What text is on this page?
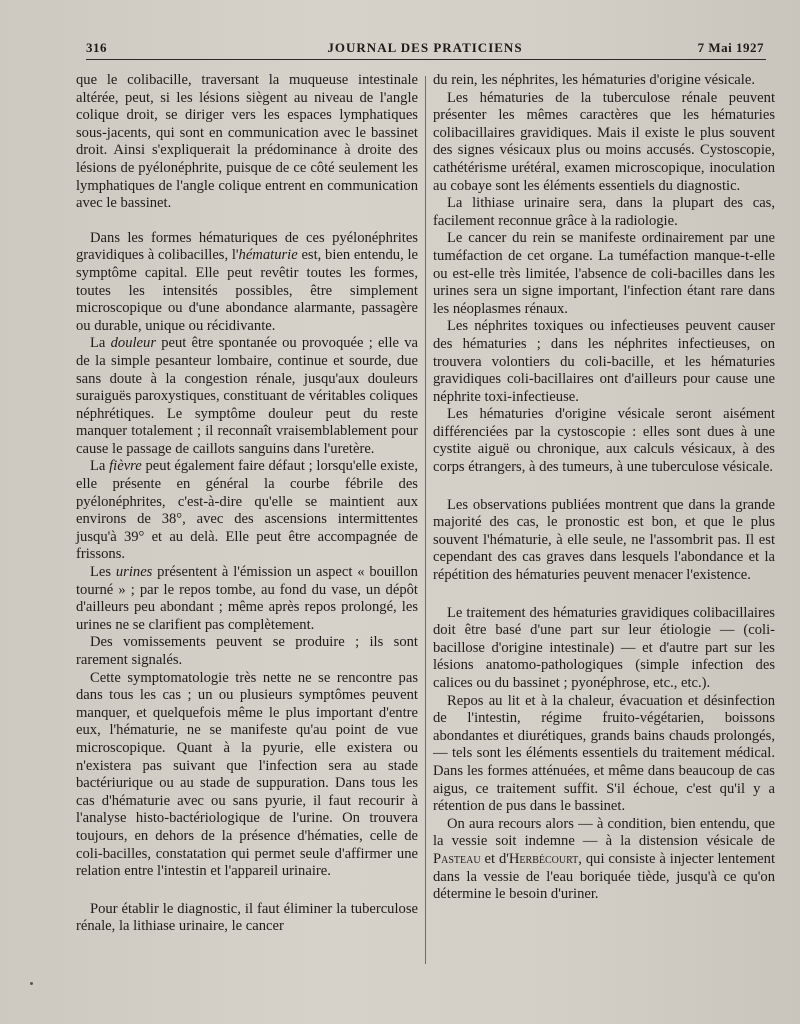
316	JOURNAL DES PRATICIENS	7 Mai 1927

que le colibacille, traversant la muqueuse intestinale altérée, peut, si les lésions siègent au niveau de l'angle colique droit, se diriger vers les espaces lymphatiques sous-jacents, qui sont en communication avec le bassinet droit. Ainsi s'expliquerait la prédominance à droite des lésions de pyélonéphrite, puisque de ce côté seulement les lymphatiques de l'angle colique entrent en communication avec le bassinet.

Dans les formes hématuriques de ces pyélonéphrites gravidiques à colibacilles, l'hématurie est, bien entendu, le symptôme capital. Elle peut revêtir toutes les formes, toutes les intensités possibles, être simplement microscopique ou d'une abondance alarmante, passagère ou durable, unique ou récidivante.

La douleur peut être spontanée ou provoquée ; elle va de la simple pesanteur lombaire, continue et sourde, due sans doute à la congestion rénale, jusqu'aux douleurs suraiguës paroxystiques, constituant de véritables coliques néphrétiques. Le symptôme douleur peut du reste manquer totalement ; il reconnaît vraisemblablement pour cause le passage de caillots sanguins dans l'uretère.

La fièvre peut également faire défaut ; lorsqu'elle existe, elle présente en général la courbe fébrile des pyélonéphrites, c'est-à-dire qu'elle se maintient aux environs de 38°, avec des ascensions intermittentes jusqu'à 39° et au delà. Elle peut être accompagnée de frissons.

Les urines présentent à l'émission un aspect « bouillon tourné » ; par le repos tombe, au fond du vase, un dépôt d'ailleurs peu abondant ; même après repos prolongé, les urines ne se clarifient pas complètement.

Des vomissements peuvent se produire ; ils sont rarement signalés.

Cette symptomatologie très nette ne se rencontre pas dans tous les cas ; un ou plusieurs symptômes peuvent manquer, et quelquefois même le plus important d'entre eux, l'hématurie, ne se manifeste qu'au point de vue microscopique. Quant à la pyurie, elle existera ou n'existera pas suivant que l'infection sera au stade bactériurique ou au stade de suppuration. Dans tous les cas d'hématurie avec ou sans pyurie, il faut recourir à l'analyse histo-bactériologique de l'urine. On trouvera toujours, en dehors de la présence d'hématies, celle de coli-bacilles, constatation qui permet seule d'affirmer une relation entre l'intestin et l'appareil urinaire.

Pour établir le diagnostic, il faut éliminer la tuberculose rénale, la lithiase urinaire, le cancer

du rein, les néphrites, les hématuries d'origine vésicale.

Les hématuries de la tuberculose rénale peuvent présenter les mêmes caractères que les hématuries colibacillaires gravidiques. Mais il existe le plus souvent des signes vésicaux plus ou moins accusés. Cystoscopie, cathétérisme urétéral, examen microscopique, inoculation au cobaye sont les éléments essentiels du diagnostic.

La lithiase urinaire sera, dans la plupart des cas, facilement reconnue grâce à la radiologie.

Le cancer du rein se manifeste ordinairement par une tuméfaction de cet organe. La tuméfaction manque-t-elle ou est-elle très limitée, l'absence de coli-bacilles dans les urines sera un signe important, l'infection étant rare dans les néoplasmes rénaux.

Les néphrites toxiques ou infectieuses peuvent causer des hématuries ; dans les néphrites infectieuses, on trouvera volontiers du coli-bacille, et les hématuries gravidiques coli-bacillaires ont d'ailleurs pour cause une néphrite toxi-infectieuse.

Les hématuries d'origine vésicale seront aisément différenciées par la cystoscopie : elles sont dues à une cystite aiguë ou chronique, aux calculs vésicaux, à des corps étrangers, à des tumeurs, à une tuberculose vésicale.

Les observations publiées montrent que dans la grande majorité des cas, le pronostic est bon, et que le plus souvent l'hématurie, à elle seule, ne l'assombrit pas. Il est cependant des cas graves dans lesquels l'abondance et la répétition des hématuries peuvent menacer l'existence.

Le traitement des hématuries gravidiques colibacillaires doit être basé d'une part sur leur étiologie — (coli-bacillose d'origine intestinale) — et d'autre part sur les lésions anatomo-pathologiques (simple infection des calices ou du bassinet ; pyonéphrose, etc., etc.).

Repos au lit et à la chaleur, évacuation et désinfection de l'intestin, régime fruito-végétarien, boissons abondantes et diurétiques, grands bains chauds prolongés, — tels sont les éléments essentiels du traitement médical. Dans les formes atténuées, et même dans beaucoup de cas aigus, ce traitement suffit. S'il échoue, c'est qu'il y a rétention de pus dans le bassinet.

On aura recours alors — à condition, bien entendu, que la vessie soit indemne — à la distension vésicale de Pasteau et d'Herbécourt, qui consiste à injecter lentement dans la vessie de l'eau boriquée tiède, jusqu'à ce qu'on détermine le besoin d'uriner.
